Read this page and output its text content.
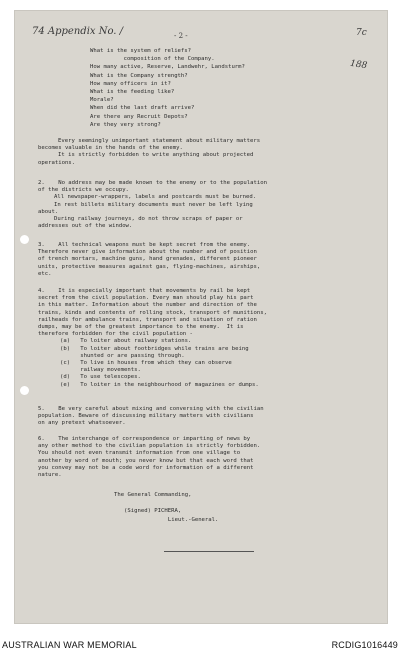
74 Appendix No. /	- 2 -	7c
188

What is the system of reliefs?

composition of the Company.

How many active, Reserve, Landwehr, Landsturm?

What is the Company strength?

How many officers in it?

What is the feeding like?

Morale?

When did the last draft arrive?

Are there any Recruit Depots?

Are they very strong?

Every seemingly unimportant statement about military matters

becomes valuable in the hands of the enemy.

It is strictly forbidden to write anything about projected

operations.

2.    No address may be made known to the enemy or to the population

of the districts we occupy.

All newspaper-wrappers, labels and postcards must be burned.

In rest billets military documents must never be left lying

about.

During railway journeys, do not throw scraps of paper or

addresses out of the window.

3.    All technical weapons must be kept secret from the enemy.

Therefore never give information about the number and of position

of trench mortars, machine guns, hand grenades, different pioneer

units, protective measures against gas, flying-machines, airships,

etc.

4.    It is especially important that movements by rail be kept

secret from the civil population. Every man should play his part

in this matter. Information about the number and direction of the

trains, kinds and contents of rolling stock, transport of munitions,

railheads for ambulance trains, transport and situation of ration

dumps, may be of the greatest importance to the enemy.  It is

therefore forbidden for the civil population -

(a)   To loiter about railway stations.

(b)   To loiter about footbridges while trains are being

shunted or are passing through.

(c)   To live in houses from which they can observe

railway movements.

(d)   To use telescopes.

(e)   To loiter in the neighbourhood of magazines or dumps.

5.    Be very careful about mixing and conversing with the civilian

population. Beware of discussing military matters with civilians

on any pretext whatsoever.

6.    The interchange of correspondence or imparting of news by

any other method to the civilian population is strictly forbidden.

You should not even transmit information from one village to

another by word of mouth; you never know but that each word that

you convey may not be a code word for information of a different

nature.

The General Commanding,

(Signed) PICHERA,

Lieut.-General.

AUSTRALIAN WAR MEMORIAL	RCDIG1016449
